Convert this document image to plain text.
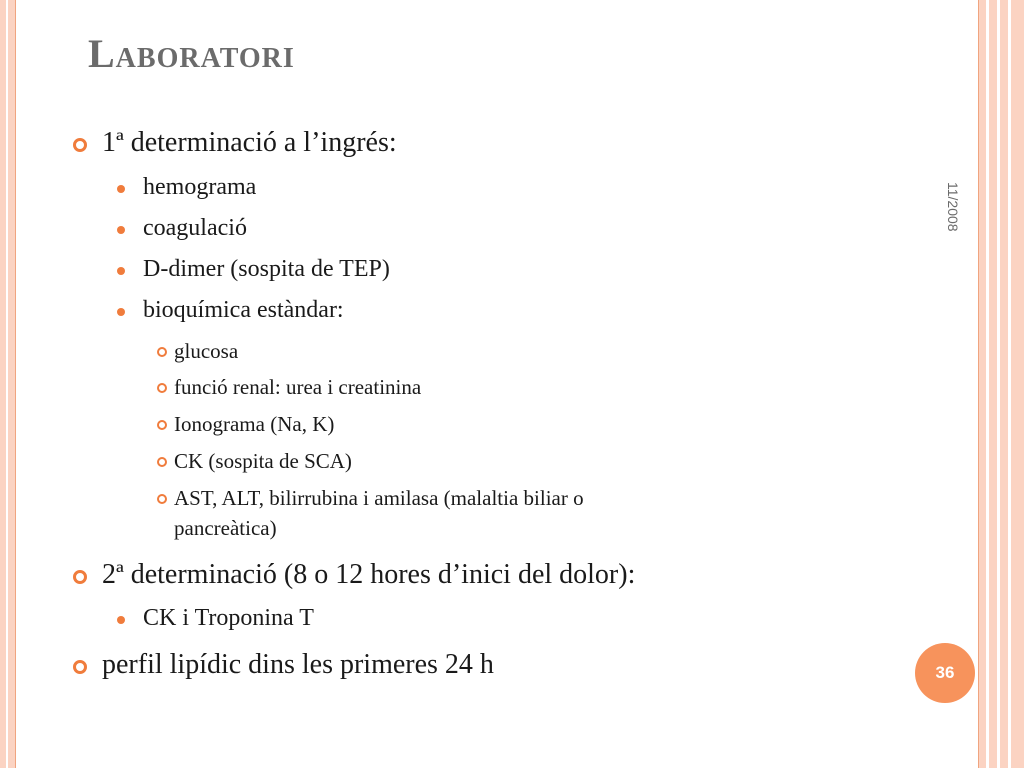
Laboratori
11/2008
36
1ª determinació a l’ingrés:
hemograma
coagulació
D-dimer (sospita de TEP)
bioquímica estàndar:
glucosa
funció renal: urea i creatinina
Ionograma (Na, K)
CK (sospita de SCA)
AST, ALT, bilirrubina i amilasa (malaltia biliar o
pancreàtica)
2ª determinació (8 o 12 hores d’inici del dolor):
CK i Troponina T
perfil lipídic dins les primeres 24 h
